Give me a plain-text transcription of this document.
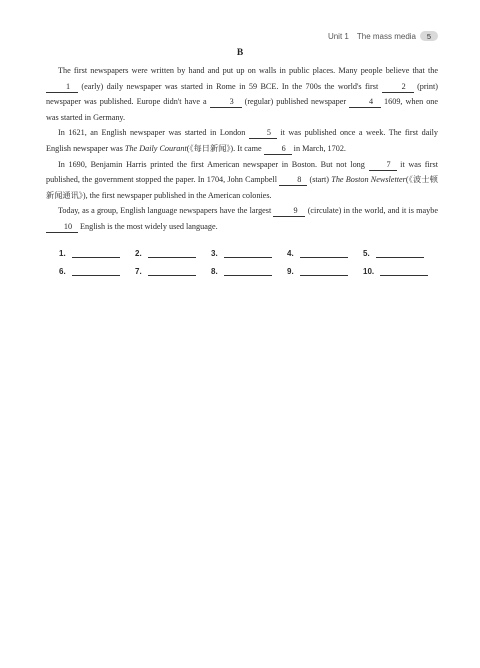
Unit 1 The mass media	5
B

The first newspapers were written by hand and put up on walls in public places. Many people believe that the 1 (early) daily newspaper was started in Rome in 59 BCE. In the 700s the world's first 2 (print) newspaper was published. Europe didn't have a 3 (regular) published newspaper 4 1609, when one was started in Germany.

In 1621, an English newspaper was started in London 5 it was published once a week. The first daily English newspaper was The Daily Courant(《每日新闻》). It came 6 in March, 1702.

In 1690, Benjamin Harris printed the first American newspaper in Boston. But not long 7 it was first published, the government stopped the paper. In 1704, John Campbell 8 (start) The Boston Newsletter(《波士顿新闻通讯》), the first newspaper published in the American colonies.

Today, as a group, English language newspapers have the largest 9 (circulate) in the world, and it is maybe 10 English is the most widely used language.

1.	2.	3.	4.	5.
6.	7.	8.	9.	10.
